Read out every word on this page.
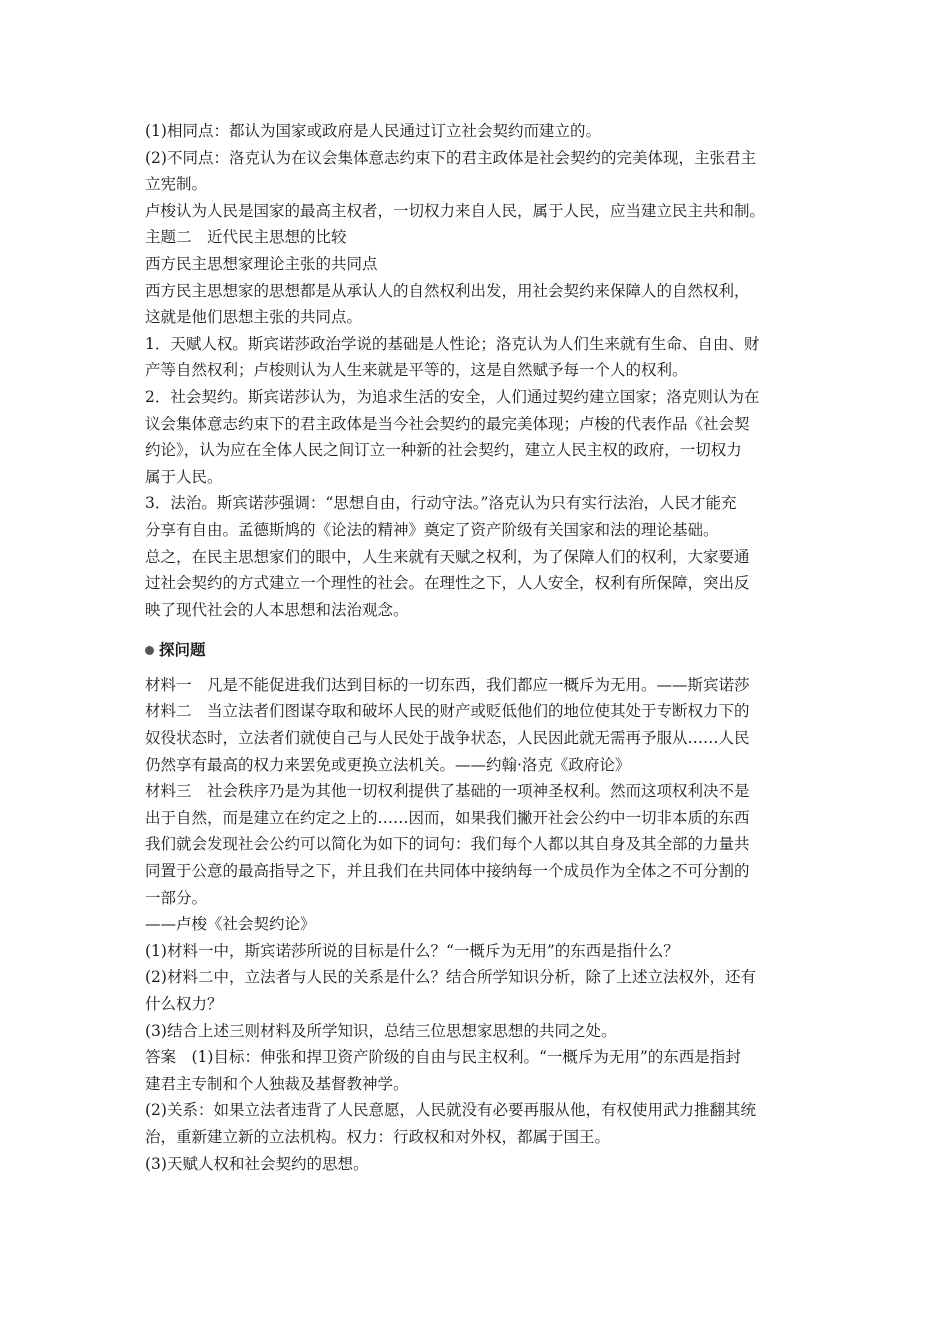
(1)相同点：都认为国家或政府是人民通过订立社会契约而建立的。
(2)不同点：洛克认为在议会集体意志约束下的君主政体是社会契约的完美体现，主张君主
立宪制。
卢梭认为人民是国家的最高主权者，一切权力来自人民，属于人民，应当建立民主共和制。
主题二　近代民主思想的比较
西方民主思想家理论主张的共同点
西方民主思想家的思想都是从承认人的自然权利出发，用社会契约来保障人的自然权利，
这就是他们思想主张的共同点。
1．天赋人权。斯宾诺莎政治学说的基础是人性论；洛克认为人们生来就有生命、自由、财
产等自然权利；卢梭则认为人生来就是平等的，这是自然赋予每一个人的权利。
2．社会契约。斯宾诺莎认为，为追求生活的安全，人们通过契约建立国家；洛克则认为在
议会集体意志约束下的君主政体是当今社会契约的最完美体现；卢梭的代表作品《社会契
约论》，认为应在全体人民之间订立一种新的社会契约，建立人民主权的政府，一切权力
属于人民。
3．法治。斯宾诺莎强调：“思想自由，行动守法。”洛克认为只有实行法治，人民才能充
分享有自由。孟德斯鸠的《论法的精神》奠定了资产阶级有关国家和法的理论基础。
总之，在民主思想家们的眼中，人生来就有天赋之权利，为了保障人们的权利，大家要通
过社会契约的方式建立一个理性的社会。在理性之下，人人安全，权利有所保障，突出反
映了现代社会的人本思想和法治观念。
探问题
材料一　凡是不能促进我们达到目标的一切东西，我们都应一概斥为无用。——斯宾诺莎
材料二　当立法者们图谋夺取和破坏人民的财产或贬低他们的地位使其处于专断权力下的
奴役状态时，立法者们就使自己与人民处于战争状态，人民因此就无需再予服从……人民
仍然享有最高的权力来罢免或更换立法机关。——约翰·洛克《政府论》
材料三　社会秩序乃是为其他一切权利提供了基础的一项神圣权利。然而这项权利决不是
出于自然，而是建立在约定之上的……因而，如果我们撇开社会公约中一切非本质的东西
我们就会发现社会公约可以简化为如下的词句：我们每个人都以其自身及其全部的力量共
同置于公意的最高指导之下，并且我们在共同体中接纳每一个成员作为全体之不可分割的
一部分。
——卢梭《社会契约论》
(1)材料一中，斯宾诺莎所说的目标是什么？“一概斥为无用”的东西是指什么？
(2)材料二中，立法者与人民的关系是什么？结合所学知识分析，除了上述立法权外，还有
什么权力？
(3)结合上述三则材料及所学知识，总结三位思想家思想的共同之处。
答案　(1)目标：伸张和捍卫资产阶级的自由与民主权利。“一概斥为无用”的东西是指封
建君主专制和个人独裁及基督教神学。
(2)关系：如果立法者违背了人民意愿，人民就没有必要再服从他，有权使用武力推翻其统
治，重新建立新的立法机构。权力：行政权和对外权，都属于国王。
(3)天赋人权和社会契约的思想。
